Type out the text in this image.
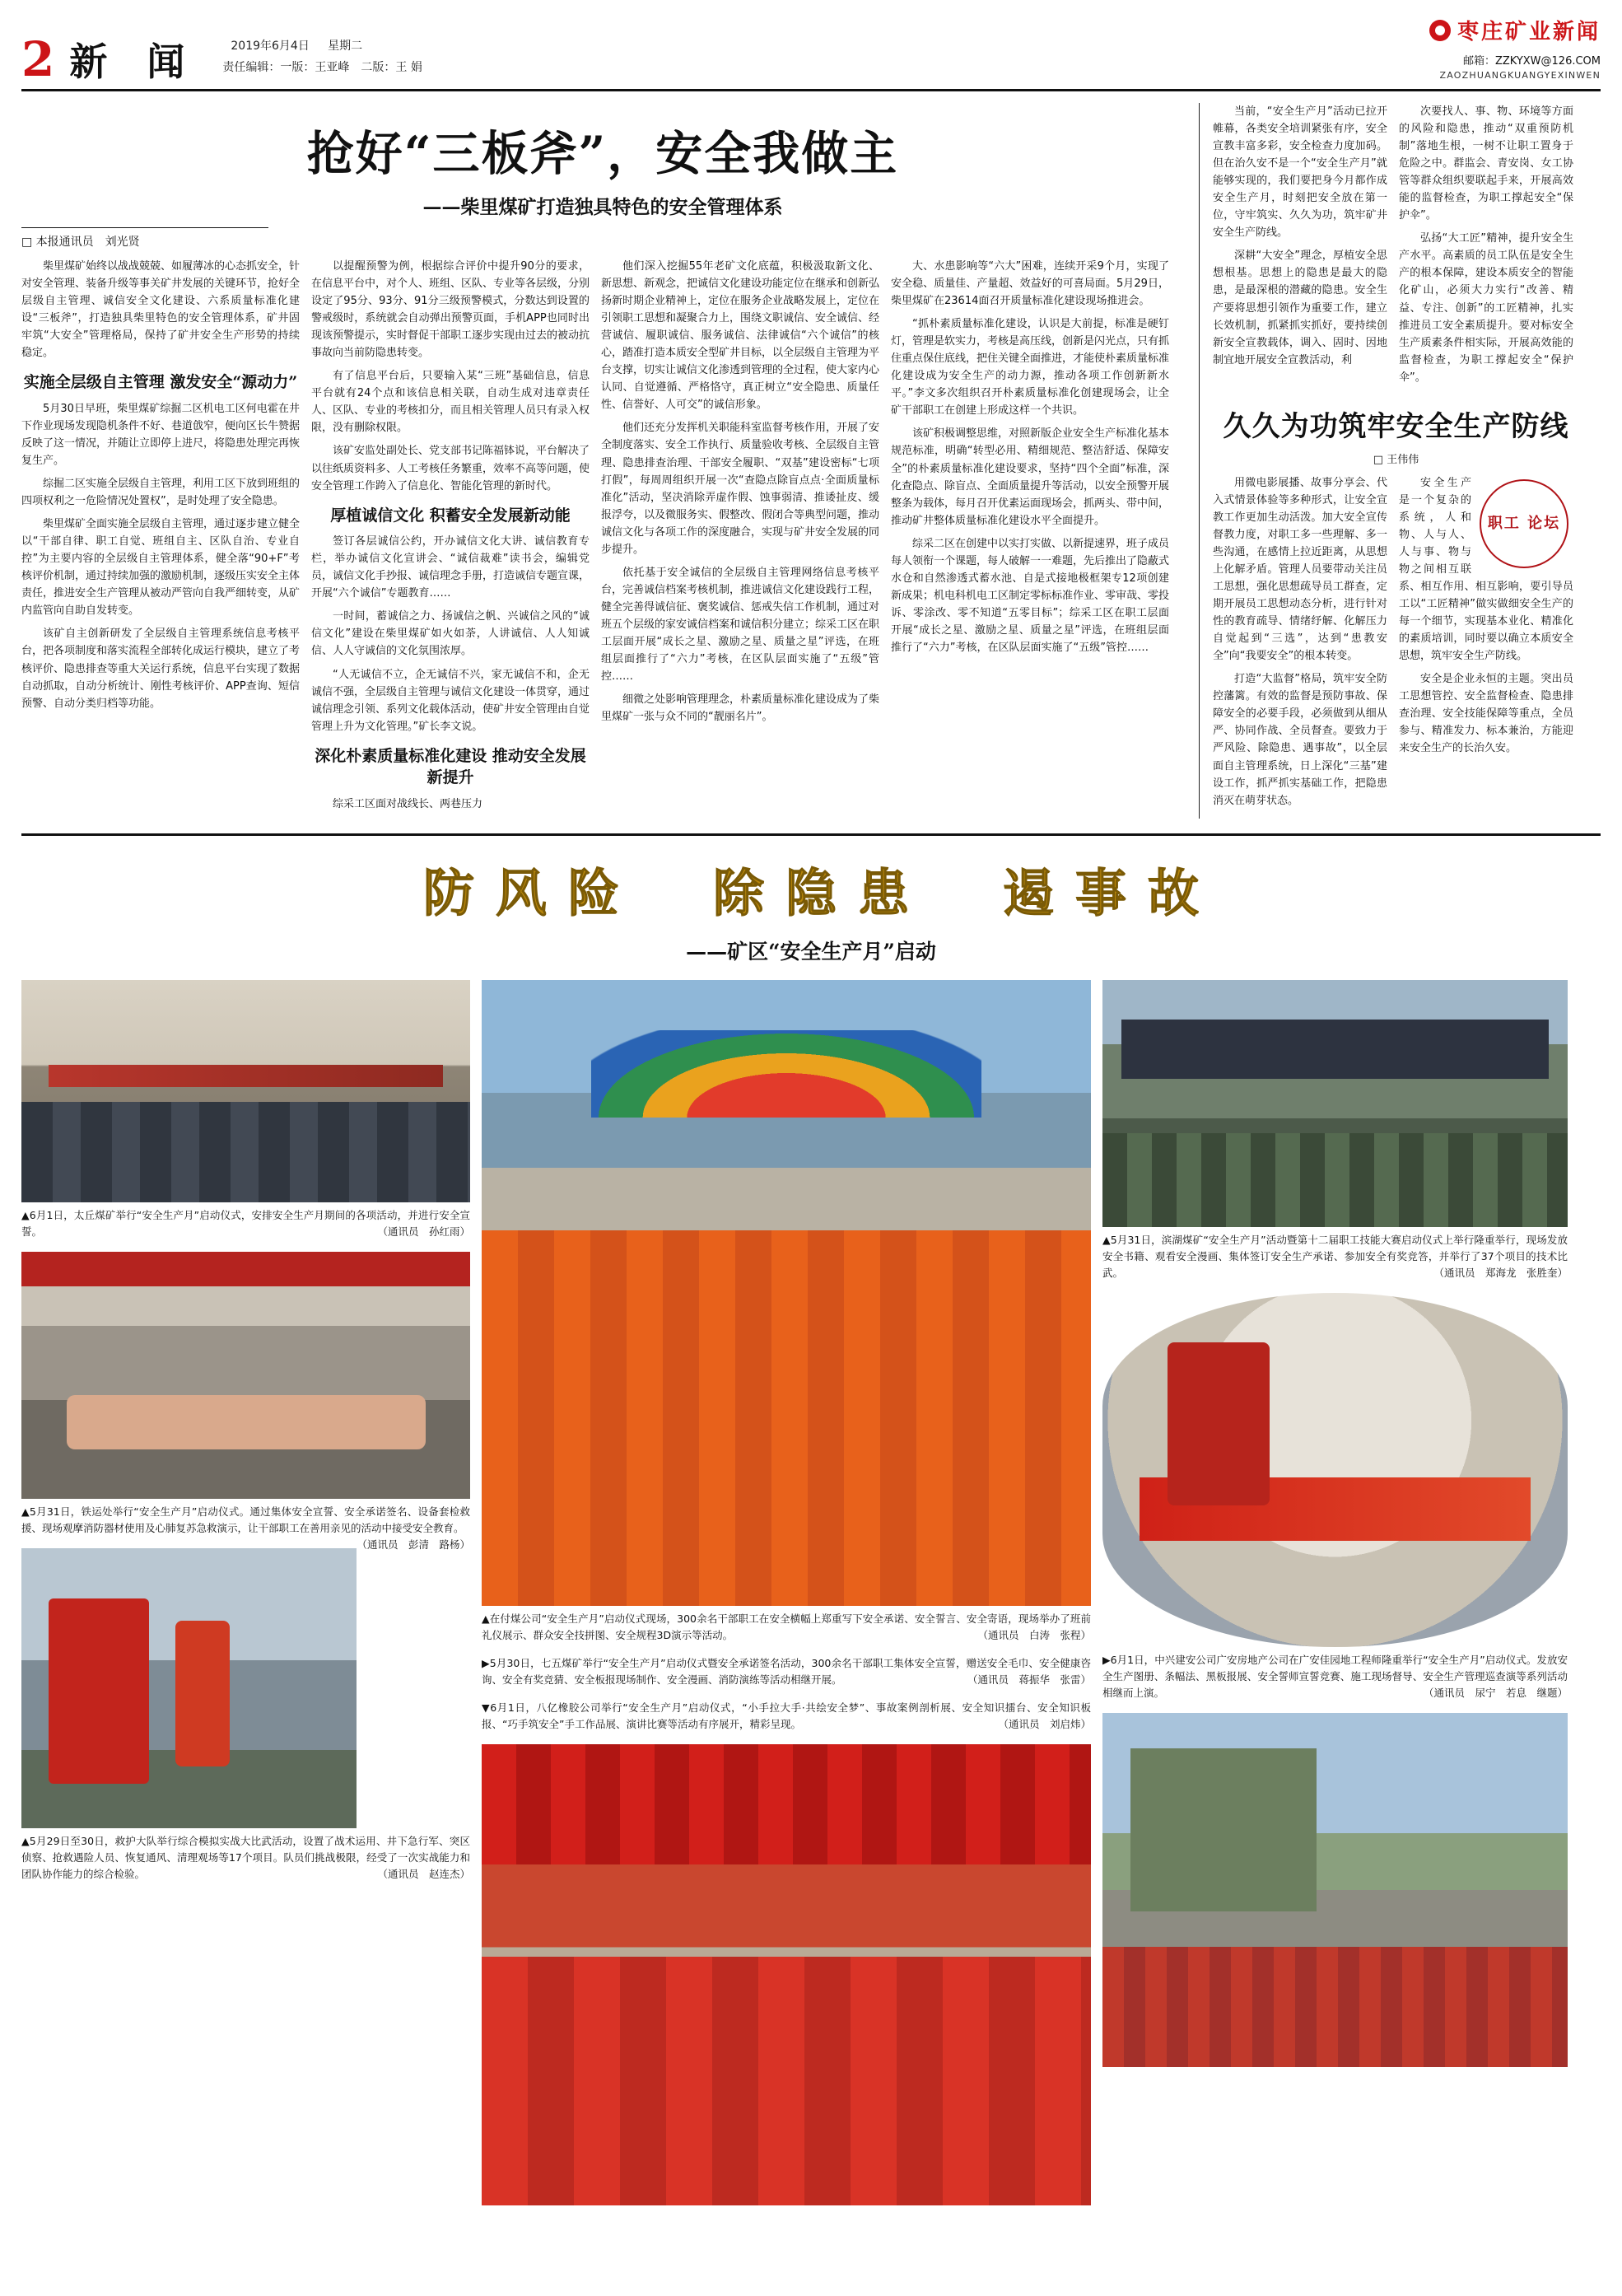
2 新 闻	2019年6月4日 星期二
责任编辑：一版：王亚峰　二版：王 娟
枣庄矿业新闻
邮箱：ZZKYXW@126.COM
ZAOZHUANGKUANGYEXINWEN
抢好“三板斧”，安全我做主
——柴里煤矿打造独具特色的安全管理体系
□ 本报通讯员　刘光贤

柴里煤矿始终以战战兢兢、如履薄冰的心态抓安全，针对安全管理、装备升级等事关矿井发展的关键环节，抢好全层级自主管理、诚信安全文化建设、六系质量标准化建设“三板斧”，打造独具柴里特色的安全管理体系，矿井固牢筑“大安全”管理格局，保持了矿井安全生产形势的持续稳定。

实施全层级自主管理 激发安全“源动力”

5月30日早班，柴里煤矿综掘二区机电工区何电霍在井下作业现场发现隐机条件不好、巷道戗窄，便向区长牛赞据反映了这一情况，并随让立即停上进尺，将隐患处理完再恢复生产。

综掘二区实施全层级自主管理，利用工区下放到班组的四项权利之一危险情况处置权”，是时处理了安全隐患。

柴里煤矿全面实施全层级自主管理，通过逐步建立健全以“干部自律、职工自觉、班组自主、区队自治、专业自控”为主要内容的全层级自主管理体系，健全落“90+F”考核评价机制，通过持续加强的激励机制，逐级压实安全主体责任，推进安全生产管理从被动严管向自我严细转变，从矿内监管向自助自发转变。

该矿自主创新研发了全层级自主管理系统信息考核平台，把各项制度和落实流程全部转化成运行模块，建立了考核评价、隐患排查等重大关运行系统，信息平台实现了数据自动抓取，自动分析统计、刚性考核评价、APP查询、短信预警、自动分类归档等功能。

以提醒预警为例，根据综合评价中提升90分的要求，在信息平台中，对个人、班组、区队、专业等各层级，分别设定了95分、93分、91分三级预警模式，分数达到设置的警戒级时，系统就会自动弹出预警页面，手机APP也同时出现该预警提示，实时督促干部职工逐步实现由过去的被动抗事故向当前防隐患转变。

有了信息平台后，只要输入某“三班”基础信息，信息平台就有24个点和该信息相关联，自动生成对违章责任人、区队、专业的考核扣分，而且相关管理人员只有录入权限，没有删除权限。

该矿安监处副处长、党支部书记陈福钵说，平台解决了以往纸质资料多、人工考核任务繁重，效率不高等问题，使安全管理工作跨入了信息化、智能化管理的新时代。

厚植诚信文化 积蓄安全发展新动能

签订各层诚信公约，开办诚信文化大讲、诚信教育专栏，举办诚信文化宣讲会、“诚信裁难”读书会，编辑党员，诚信文化手抄报、诚信理念手册，打造诚信专题宣课，开展“六个诚信”专题教育……

一时间，蓄诚信之力、扬诚信之帆、兴诚信之风的“诚信文化”建设在柴里煤矿如火如荼，人讲诚信、人人知诚信、人人守诚信的文化氛围浓厚。

“人无诚信不立，企无诚信不兴，家无诚信不和，企无诚信不强，全层级自主管理与诚信文化建设一体贯穿，通过诚信理念引领、系列文化载体活动，使矿井安全管理由自觉管理上升为文化管理。”矿长李文说。

深化朴素质量标准化建设 推动安全发展新提升

综采工区面对战线长、两巷压力

他们深入挖掘55年老矿文化底蕴，积极汲取新文化、新思想、新观念，把诚信文化建设功能定位在继承和创新弘扬新时期企业精神上，定位在服务企业战略发展上，定位在引领职工思想和凝聚合力上，围绕文职诚信、安全诚信、经营诚信、履职诚信、服务诚信、法律诚信“六个诚信”的核心，踏准打造本质安全型矿井目标，以全层级自主管理为平台支撑，切实让诚信文化渗透到管理的全过程，使大家内心认同、自觉遵循、严格恪守，真正树立“安全隐患、质量任性、信誉好、人可交”的诚信形象。

他们还充分发挥机关职能科室监督考核作用，开展了安全制度落实、安全工作执行、质量验收考核、全层级自主管理、隐患排查治理、干部安全履职、“双基”建设密标“七项打假”，每周周组织开展一次“查隐点除盲点点·全面质量标准化”活动，坚决消除弄虚作假、蚀事弱清、推诿扯皮、缓报浮夸，以及微服务实、假整改、假闭合等典型问题，推动诚信文化与各项工作的深度融合，实现与矿井安全发展的同步提升。

依托基于安全诚信的全层级自主管理网络信息考核平台，完善诚信档案考核机制，推进诚信文化建设践行工程，健全完善得诚信征、褒奖诚信、惩戒失信工作机制，通过对班五个层级的家安诚信档案和诚信积分建立；综采工区在职工层面开展“成长之星、激励之星、质量之星”评选，在班组层面推行了“六力”考核，在区队层面实施了“五级”管控……

细微之处影响管理理念，朴素质量标准化建设成为了柴里煤矿一张与众不同的“靓丽名片”。

大、水患影响等“六大”困难，连续开采9个月，实现了安全稳、质量佳、产量超、效益好的可喜局面。5月29日，柴里煤矿在23614面召开质量标准化建设现场推进会。

“抓朴素质量标准化建设，认识是大前提，标准是硬钉灯，管理是软实力，考核是高压线，创新是闪光点，只有抓住重点保住底线，把住关键全面推进，才能使朴素质量标准化建设成为安全生产的动力源，推动各项工作创新新水平。”李文多次组织召开朴素质量标准化创建现场会，让全矿干部职工在创建上形成这样一个共识。

该矿积极调整思维，对照新版企业安全生产标准化基本规范标准，明确“转型必用、精细规范、整洁舒适、保障安全”的朴素质量标准化建设要求，坚持“四个全面”标准，深化查隐点、除盲点、全面质量提升等活动，以安全预警开展整条为载体，每月召开优素运面现场会，抓两头、带中间，推动矿井整体质量标准化建设水平全面提升。

综采二区在创建中以实打实做、以新提速界，班子成员每人领衔一个课题，每人破解一一难题，先后推出了隐蔽式水仓和自然渗透式蓄水池、自是式接地极框架专12项创建新成果；机电科机电工区制定零标标准作业、零审哉、零投诉、零涂改、零不知道“五零目标”；综采工区在职工层面开展“成长之星、激励之星、质量之星”评选，在班组层面推行了“六力”考核，在区队层面实施了“五级”管控……

当前，“安全生产月”活动已拉开帷幕，各类安全培训紧张有序，安全宣教丰富多彩，安全检查力度加码。但在治久安不是一个“安全生产月”就能够实现的，我们要把身今月都作成安全生产月，时刻把安全放在第一位，守牢筑实、久久为功，筑牢矿井安全生产防线。

深耕“大安全”理念，厚植安全思想根基。思想上的隐患是最大的隐患，是最深根的潜藏的隐患。安全生产要将思想引领作为重要工作，建立长效机制，抓紧抓实抓好，要持续创新安全宣教载体，调入、固时、因地制宜地开展安全宣教活动，利

次要找人、事、物、环境等方面的风险和隐患，推动“双重预防机制”落地生根，一树不让职工置身于危险之中。群监会、青安岗、女工协管等群众组织要联起手来，开展高效能的监督检查，为职工撑起安全“保护伞”。

弘扬“大工匠”精神，提升安全生产水平。高素质的员工队伍是安全生产的根本保障，建设本质安全的智能化矿山，必须大力实行“改善、精益、专注、创新”的工匠精神，扎实推进员工安全素质提升。要对标安全生产质素条件相实际，开展高效能的监督检查，为职工撑起安全“保护伞”。

久久为功筑牢安全生产防线
□ 王伟伟

用微电影展播、故事分享会、代入式情景体验等多种形式，让安全宣教工作更加生动活泼。加大安全宣传督教力度，对职工多一些理解、多一些沟通，在感情上拉近距离，从思想上化解矛盾。管理人员要带动关注员工思想，强化思想疏导员工群查，定期开展员工思想动态分析，进行针对性的教育疏导、情绪纾解、化解压力自觉起到“三选”，达到“患教安全”向“我要安全”的根本转变。

打造“大监督”格局，筑牢安全防控藩篱。有效的监督是预防事故、保障安全的必要手段，必须做到从细从严、协同作战、全员督查。要致力于严风险、除隐患、遇事故”，以全层面自主管理系统，日上深化“三基”建设工作，抓严抓实基础工作，把隐患消灭在萌芽状态。

职工 论坛

安全生产是一个复杂的系统，人和物、人与人、人与事、物与物之间相互联系、相互作用、相互影响，要引导员工以“工匠精神”做实做细安全生产的每一个细节，实现基本业化、精准化的素质培训，同时要以确立本质安全思想，筑牢安全生产防线。

安全是企业永恒的主题。突出员工思想管控、安全监督检查、隐患排查治理、安全技能保障等重点，全员参与、精准发力、标本兼治，方能迎来安全生产的长治久安。

防风险　除隐患　遏事故
——矿区“安全生产月”启动
▲6月1日，太丘煤矿举行“安全生产月”启动仪式，安排安全生产月期间的各项活动，并进行安全宣誓。	（通讯员　孙红雨）
▲5月31日，铁运处举行“安全生产月”启动仪式。通过集体安全宣誓、安全承诺签名、设备套检救援、现场观摩消防器材使用及心肺复苏急救演示，让干部职工在善用亲见的活动中接受安全教育。
（通讯员　彭清　路杨）
▲5月29日至30日，救护大队举行综合模拟实战大比武活动，设置了战术运用、井下急行军、突区侦察、抢救遇险人员、恢复通风、清理观场等17个项目。队员们挑战极限，经受了一次实战能力和团队协作能力的综合检验。	（通讯员　赵连杰）
▲在付煤公司“安全生产月”启动仪式现场，300余名干部职工在安全横幅上郑重写下安全承诺、安全誓言、安全寄语，现场举办了班前礼仪展示、群众安全技拼图、安全规程3D演示等活动。	（通讯员　白涛　张程）
▶5月30日，七五煤矿举行“安全生产月”启动仪式暨安全承诺签名活动，300余名干部职工集体安全宣誓，赠送安全毛巾、安全健康咨询、安全有奖竞猜、安全板报现场制作、安全漫画、消防演练等活动相继开展。	（通讯员　蒋振华　张雷）
▼6月1日，八亿橡胶公司举行“安全生产月”启动仪式，“小手拉大手·共绘安全梦”、事故案例剖析展、安全知识擂台、安全知识板报、“巧手筑安全”手工作品展、演讲比赛等活动有序展开，精彩呈现。	（通讯员　刘启炜）
▲5月31日，滨湖煤矿“安全生产月”活动暨第十二届职工技能大赛启动仪式上举行隆重举行，现场发放安全书籍、观看安全漫画、集体签订安全生产承诺、参加安全有奖竞答，并举行了37个项目的技术比武。	（通讯员　郑海龙　张胜奎）
▶6月1日，中兴建安公司广安房地产公司在广安佳园地工程师隆重举行“安全生产月”启动仪式。发放安全生产图册、条幅法、黑板报展、安全誓师宣誓竞赛、施工现场督导、安全生产管理巡查演等系列活动相继而上演。	（通讯员　尿宁　若息　继题）
